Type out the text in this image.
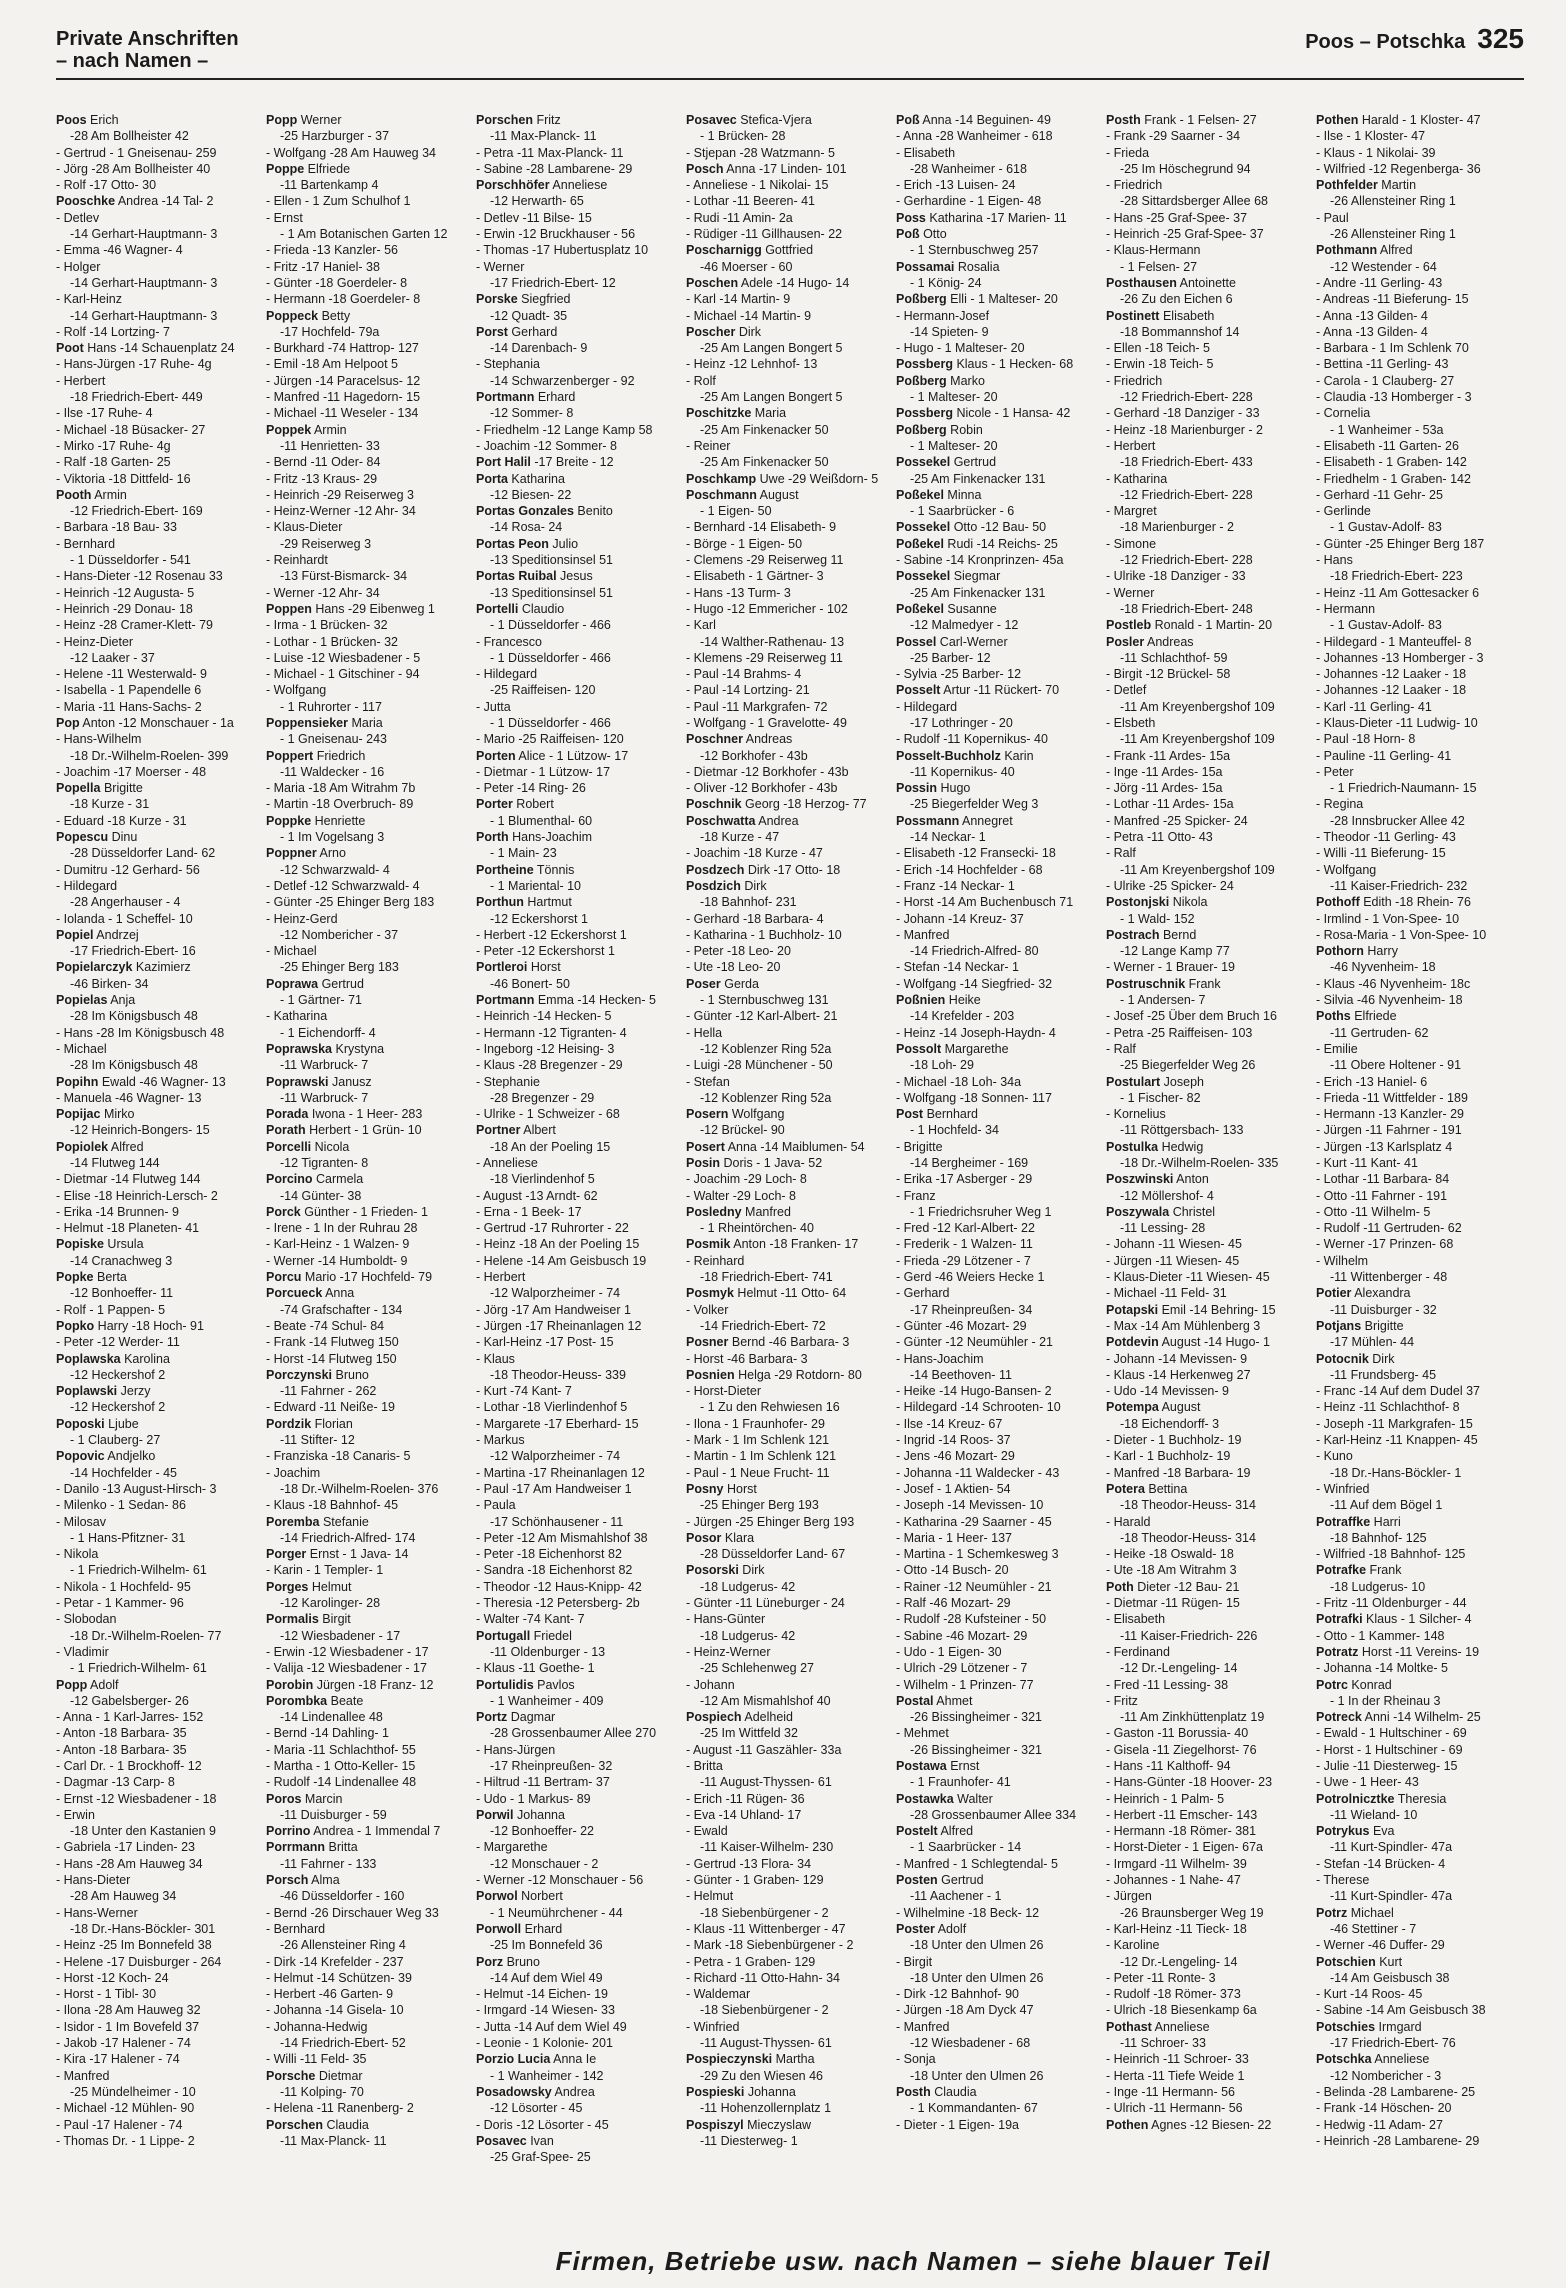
Private Anschriften
– nach Namen –
Poos – Potschka 325
Poos Erich
-28 Am Bollheister 42
- Gertrud - 1 Gneisenau- 259
- Jörg -28 Am Bollheister 40
- Rolf -17 Otto- 30
Pooschke Andrea -14 Tal- 2
- Detlev
-14 Gerhart-Hauptmann- 3
- Emma -46 Wagner- 4
- Holger
-14 Gerhart-Hauptmann- 3
- Karl-Heinz
-14 Gerhart-Hauptmann- 3
- Rolf -14 Lortzing- 7
Poot Hans -14 Schauenplatz 24
- Hans-Jürgen -17 Ruhe- 4g
- Herbert
-18 Friedrich-Ebert- 449
- Ilse -17 Ruhe- 4
- Michael -18 Büsacker- 27
- Mirko -17 Ruhe- 4g
- Ralf -18 Garten- 25
- Viktoria -18 Dittfeld- 16
Pooth Armin
-12 Friedrich-Ebert- 169
- Barbara -18 Bau- 33
- Bernhard
- 1 Düsseldorfer - 541
- Hans-Dieter -12 Rosenau 33
- Heinrich -12 Augusta- 5
- Heinrich -29 Donau- 18
- Heinz -28 Cramer-Klett- 79
- Heinz-Dieter
-12 Laaker - 37
- Helene -11 Westerwald- 9
- Isabella - 1 Papendelle 6
- Maria -11 Hans-Sachs- 2
Pop Anton -12 Monschauer - 1a
- Hans-Wilhelm
-18 Dr.-Wilhelm-Roelen- 399
- Joachim -17 Moerser - 48
Popella Brigitte
-18 Kurze - 31
- Eduard -18 Kurze - 31
Popescu Dinu
-28 Düsseldorfer Land- 62
- Dumitru -12 Gerhard- 56
- Hildegard
-28 Angerhauser - 4
- Iolanda - 1 Scheffel- 10
Popiel Andrzej
-17 Friedrich-Ebert- 16
Popielarczyk Kazimierz
-46 Birken- 34
Popielas Anja
-28 Im Königsbusch 48
- Hans -28 Im Königsbusch 48
- Michael
-28 Im Königsbusch 48
Popihn Ewald -46 Wagner- 13
- Manuela -46 Wagner- 13
Popijac Mirko
-12 Heinrich-Bongers- 15
Popiolek Alfred
-14 Flutweg 144
- Dietmar -14 Flutweg 144
- Elise -18 Heinrich-Lersch- 2
- Erika -14 Brunnen- 9
- Helmut -18 Planeten- 41
Popiske Ursula
-14 Cranachweg 3
Popke Berta
-12 Bonhoeffer- 11
- Rolf - 1 Pappen- 5
Popko Harry -18 Hoch- 91
- Peter -12 Werder- 11
Poplawska Karolina
-12 Heckershof 2
Poplawski Jerzy
-12 Heckershof 2
Poposki Ljube
- 1 Clauberg- 27
Popovic Andjelko
-14 Hochfelder - 45
- Danilo -13 August-Hirsch- 3
- Milenko - 1 Sedan- 86
- Milosav
- 1 Hans-Pfitzner- 31
- Nikola
- 1 Friedrich-Wilhelm- 61
- Nikola - 1 Hochfeld- 95
- Petar - 1 Kammer- 96
- Slobodan
-18 Dr.-Wilhelm-Roelen- 77
- Vladimir
- 1 Friedrich-Wilhelm- 61
Popp Adolf
-12 Gabelsberger- 26
- Anna - 1 Karl-Jarres- 152
- Anton -18 Barbara- 35
- Anton -18 Barbara- 35
- Carl Dr. - 1 Brockhoff- 12
- Dagmar -13 Carp- 8
- Ernst -12 Wiesbadener - 18
- Erwin
-18 Unter den Kastanien 9
- Gabriela -17 Linden- 23
- Hans -28 Am Hauweg 34
- Hans-Dieter
-28 Am Hauweg 34
- Hans-Werner
-18 Dr.-Hans-Böckler- 301
- Heinz -25 Im Bonnefeld 38
- Helene -17 Duisburger - 264
- Horst -12 Koch- 24
- Horst - 1 Tibl- 30
- Ilona -28 Am Hauweg 32
- Isidor - 1 Im Bovefeld 37
- Jakob -17 Halener - 74
- Kira -17 Halener - 74
- Manfred
-25 Mündelheimer - 10
- Michael -12 Mühlen- 90
- Paul -17 Halener - 74
- Thomas Dr. - 1 Lippe- 2
Popp Werner
-25 Harzburger - 37
- Wolfgang -28 Am Hauweg 34
Poppe Elfriede
-11 Bartenkamp 4
- Ellen - 1 Zum Schulhof 1
- Ernst
- 1 Am Botanischen Garten 12
- Frieda -13 Kanzler- 56
- Fritz -17 Haniel- 38
- Günter -18 Goerdeler- 8
- Hermann -18 Goerdeler- 8
Poppeck Betty
-17 Hochfeld- 79a
- Burkhard -74 Hattrop- 127
- Emil -18 Am Helpoot 5
- Jürgen -14 Paracelsus- 12
- Manfred -11 Hagedorn- 15
- Michael -11 Weseler - 134
Poppek Armin
-11 Henrietten- 33
- Bernd -11 Oder- 84
- Fritz -13 Kraus- 29
- Heinrich -29 Reiserweg 3
- Heinz-Werner -12 Ahr- 34
- Klaus-Dieter
-29 Reiserweg 3
- Reinhardt
-13 Fürst-Bismarck- 34
- Werner -12 Ahr- 34
Poppen Hans -29 Eibenweg 1
- Irma - 1 Brücken- 32
- Lothar - 1 Brücken- 32
- Luise -12 Wiesbadener - 5
- Michael - 1 Gitschiner - 94
- Wolfgang
- 1 Ruhrorter - 117
Poppensieker Maria
- 1 Gneisenau- 243
Poppert Friedrich
-11 Waldecker - 16
- Maria -18 Am Witrahm 7b
- Martin -18 Overbruch- 89
Poppke Henriette
- 1 Im Vogelsang 3
Poppner Arno
-12 Schwarzwald- 4
- Detlef -12 Schwarzwald- 4
- Günter -25 Ehinger Berg 183
- Heinz-Gerd
-12 Nombericher - 37
- Michael
-25 Ehinger Berg 183
Poprawa Gertrud
- 1 Gärtner- 71
- Katharina
- 1 Eichendorff- 4
Poprawska Krystyna
-11 Warbruck- 7
Poprawski Janusz
-11 Warbruck- 7
Porada Iwona - 1 Heer- 283
Porath Herbert - 1 Grün- 10
Porcelli Nicola
-12 Tigranten- 8
Porcino Carmela
-14 Günter- 38
Porck Günther - 1 Frieden- 1
- Irene - 1 In der Ruhrau 28
- Karl-Heinz - 1 Walzen- 9
- Werner -14 Humboldt- 9
Porcu Mario -17 Hochfeld- 79
Porcueck Anna
-74 Grafschafter - 134
- Beate -74 Schul- 84
- Frank -14 Flutweg 150
- Horst -14 Flutweg 150
Porczynski Bruno
-11 Fahrner - 262
- Edward -11 Neiße- 19
Pordzik Florian
-11 Stifter- 12
- Franziska -18 Canaris- 5
- Joachim
-18 Dr.-Wilhelm-Roelen- 376
- Klaus -18 Bahnhof- 45
Poremba Stefanie
-14 Friedrich-Alfred- 174
Porger Ernst - 1 Java- 14
- Karin - 1 Templer- 1
Porges Helmut
-12 Karolinger- 28
Pormalis Birgit
-12 Wiesbadener - 17
- Erwin -12 Wiesbadener - 17
- Valija -12 Wiesbadener - 17
Porobin Jürgen -18 Franz- 12
Porombka Beate
-14 Lindenallee 48
- Bernd -14 Dahling- 1
- Maria -11 Schlachthof- 55
- Martha - 1 Otto-Keller- 15
- Rudolf -14 Lindenallee 48
Poros Marcin
-11 Duisburger - 59
Porrino Andrea - 1 Immendal 7
Porrmann Britta
-11 Fahrner - 133
Porsch Alma
-46 Düsseldorfer - 160
- Bernd -26 Dirschauer Weg 33
- Bernhard
-26 Allensteiner Ring 4
- Dirk -14 Krefelder - 237
- Helmut -14 Schützen- 39
- Herbert -46 Garten- 9
- Johanna -14 Gisela- 10
- Johanna-Hedwig
-14 Friedrich-Ebert- 52
- Willi -11 Feld- 35
Porsche Dietmar
-11 Kolping- 70
- Helena -11 Ranenberg- 2
Porschen Claudia
-11 Max-Planck- 11
Porschen Fritz
-11 Max-Planck- 11
- Petra -11 Max-Planck- 11
- Sabine -28 Lambarene- 29
Porschhöfer Anneliese
-12 Herwarth- 65
- Detlev -11 Bilse- 15
- Erwin -12 Bruckhauser - 56
- Thomas -17 Hubertusplatz 10
- Werner
-17 Friedrich-Ebert- 12
Porske Siegfried
-12 Quadt- 35
Porst Gerhard
-14 Darenbach- 9
- Stephania
-14 Schwarzenberger - 92
Portmann Erhard
-12 Sommer- 8
- Friedhelm -12 Lange Kamp 58
- Joachim -12 Sommer- 8
Port Halil -17 Breite - 12
Porta Katharina
-12 Biesen- 22
Portas Gonzales Benito
-14 Rosa- 24
Portas Peon Julio
-13 Speditionsinsel 51
Portas Ruibal Jesus
-13 Speditionsinsel 51
Portelli Claudio
- 1 Düsseldorfer - 466
- Francesco
- 1 Düsseldorfer - 466
- Hildegard
-25 Raiffeisen- 120
- Jutta
- 1 Düsseldorfer - 466
- Mario -25 Raiffeisen- 120
Porten Alice - 1 Lützow- 17
- Dietmar - 1 Lützow- 17
- Peter -14 Ring- 26
Porter Robert
- 1 Blumenthal- 60
Porth Hans-Joachim
- 1 Main- 23
Portheine Tönnis
- 1 Mariental- 10
Porthun Hartmut
-12 Eckershorst 1
- Herbert -12 Eckershorst 1
- Peter -12 Eckershorst 1
Portleroi Horst
-46 Bonert- 50
Portmann Emma -14 Hecken- 5
- Heinrich -14 Hecken- 5
- Hermann -12 Tigranten- 4
- Ingeborg -12 Heising- 3
- Klaus -28 Bregenzer - 29
- Stephanie
-28 Bregenzer - 29
- Ulrike - 1 Schweizer - 68
Portner Albert
-18 An der Poeling 15
- Anneliese
-18 Vierlindenhof 5
- August -13 Arndt- 62
- Erna - 1 Beek- 17
- Gertrud -17 Ruhrorter - 22
- Heinz -18 An der Poeling 15
- Helene -14 Am Geisbusch 19
- Herbert
-12 Walporzheimer - 74
- Jörg -17 Am Handweiser 1
- Jürgen -17 Rheinanlagen 12
- Karl-Heinz -17 Post- 15
- Klaus
-18 Theodor-Heuss- 339
- Kurt -74 Kant- 7
- Lothar -18 Vierlindenhof 5
- Margarete -17 Eberhard- 15
- Markus
-12 Walporzheimer - 74
- Martina -17 Rheinanlagen 12
- Paul -17 Am Handweiser 1
- Paula
-17 Schönhausener - 11
- Peter -12 Am Mismahlshof 38
- Peter -18 Eichenhorst 82
- Sandra -18 Eichenhorst 82
- Theodor -12 Haus-Knipp- 42
- Theresia -12 Petersberg- 2b
- Walter -74 Kant- 7
Portugall Friedel
-11 Oldenburger - 13
- Klaus -11 Goethe- 1
Portulidis Pavlos
- 1 Wanheimer - 409
Portz Dagmar
-28 Grossenbaumer Allee 270
- Hans-Jürgen
-17 Rheinpreußen- 32
- Hiltrud -11 Bertram- 37
- Udo - 1 Markus- 89
Porwil Johanna
-12 Bonhoeffer- 22
- Margarethe
-12 Monschauer - 2
- Werner -12 Monschauer - 56
Porwol Norbert
- 1 Neumührchener - 44
Porwoll Erhard
-25 Im Bonnefeld 36
Porz Bruno
-14 Auf dem Wiel 49
- Helmut -14 Eichen- 19
- Irmgard -14 Wiesen- 33
- Jutta -14 Auf dem Wiel 49
- Leonie - 1 Kolonie- 201
Porzio Lucia Anna Ie
- 1 Wanheimer - 142
Posadowsky Andrea
-12 Lösorter - 45
- Doris -12 Lösorter - 45
Posavec Ivan
-25 Graf-Spee- 25
Posavec Stefica-Vjera
- 1 Brücken- 28
- Stjepan -28 Watzmann- 5
Posch Anna -17 Linden- 101
- Anneliese - 1 Nikolai- 15
- Lothar -11 Beeren- 41
- Rudi -11 Amin- 2a
- Rüdiger -11 Gillhausen- 22
Poscharnigg Gottfried
-46 Moerser - 60
Poschen Adele -14 Hugo- 14
- Karl -14 Martin- 9
- Michael -14 Martin- 9
Poscher Dirk
-25 Am Langen Bongert 5
- Heinz -12 Lehnhof- 13
- Rolf
-25 Am Langen Bongert 5
Poschitzke Maria
-25 Am Finkenacker 50
- Reiner
-25 Am Finkenacker 50
Poschkamp Uwe -29 Weißdorn- 5
Poschmann August
- 1 Eigen- 50
- Bernhard -14 Elisabeth- 9
- Börge - 1 Eigen- 50
- Clemens -29 Reiserweg 11
- Elisabeth - 1 Gärtner- 3
- Hans -13 Turm- 3
- Hugo -12 Emmericher - 102
- Karl
-14 Walther-Rathenau- 13
- Klemens -29 Reiserweg 11
- Paul -14 Brahms- 4
- Paul -14 Lortzing- 21
- Paul -11 Markgrafen- 72
- Wolfgang - 1 Gravelotte- 49
Poschner Andreas
-12 Borkhofer - 43b
- Dietmar -12 Borkhofer - 43b
- Oliver -12 Borkhofer - 43b
Poschnik Georg -18 Herzog- 77
Poschwatta Andrea
-18 Kurze - 47
- Joachim -18 Kurze - 47
Posdzech Dirk -17 Otto- 18
Posdzich Dirk
-18 Bahnhof- 231
- Gerhard -18 Barbara- 4
- Katharina - 1 Buchholz- 10
- Peter -18 Leo- 20
- Ute -18 Leo- 20
Poser Gerda
- 1 Sternbuschweg 131
- Günter -12 Karl-Albert- 21
- Hella
-12 Koblenzer Ring 52a
- Luigi -28 Münchener - 50
- Stefan
-12 Koblenzer Ring 52a
Posern Wolfgang
-12 Brückel- 90
Posert Anna -14 Maiblumen- 54
Posin Doris - 1 Java- 52
- Joachim -29 Loch- 8
- Walter -29 Loch- 8
Posledny Manfred
- 1 Rheintörchen- 40
Posmik Anton -18 Franken- 17
- Reinhard
-18 Friedrich-Ebert- 741
Posmyk Helmut -11 Otto- 64
- Volker
-14 Friedrich-Ebert- 72
Posner Bernd -46 Barbara- 3
- Horst -46 Barbara- 3
Posnien Helga -29 Rotdorn- 80
- Horst-Dieter
- 1 Zu den Rehwiesen 16
- Ilona - 1 Fraunhofer- 29
- Mark - 1 Im Schlenk 121
- Martin - 1 Im Schlenk 121
- Paul - 1 Neue Frucht- 11
Posny Horst
-25 Ehinger Berg 193
- Jürgen -25 Ehinger Berg 193
Posor Klara
-28 Düsseldorfer Land- 67
Posorski Dirk
-18 Ludgerus- 42
- Günter -11 Lüneburger - 24
- Hans-Günter
-18 Ludgerus- 42
- Heinz-Werner
-25 Schlehenweg 27
- Johann
-12 Am Mismahlshof 40
Pospiech Adelheid
-25 Im Wittfeld 32
- August -11 Gaszähler- 33a
- Britta
-11 August-Thyssen- 61
- Erich -11 Rügen- 36
- Eva -14 Uhland- 17
- Ewald
-11 Kaiser-Wilhelm- 230
- Gertrud -13 Flora- 34
- Günter - 1 Graben- 129
- Helmut
-18 Siebenbürgener - 2
- Klaus -11 Wittenberger - 47
- Mark -18 Siebenbürgener - 2
- Petra - 1 Graben- 129
- Richard -11 Otto-Hahn- 34
- Waldemar
-18 Siebenbürgener - 2
- Winfried
-11 August-Thyssen- 61
Pospieczynski Martha
-29 Zu den Wiesen 46
Pospieski Johanna
-11 Hohenzollernplatz 1
Pospiszyl Mieczyslaw
-11 Diesterweg- 1
Poß Anna -14 Beguinen- 49
- Anna -28 Wanheimer - 618
- Elisabeth
-28 Wanheimer - 618
- Erich -13 Luisen- 24
- Gerhardine - 1 Eigen- 48
Poss Katharina -17 Marien- 11
Poß Otto
- 1 Sternbuschweg 257
Possamai Rosalia
- 1 König- 24
Poßberg Elli - 1 Malteser- 20
- Hermann-Josef
-14 Spieten- 9
- Hugo - 1 Malteser- 20
Possberg Klaus - 1 Hecken- 68
Poßberg Marko
- 1 Malteser- 20
Possberg Nicole - 1 Hansa- 42
Poßberg Robin
- 1 Malteser- 20
Possekel Gertrud
-25 Am Finkenacker 131
Poßekel Minna
- 1 Saarbrücker - 6
Possekel Otto -12 Bau- 50
Poßekel Rudi -14 Reichs- 25
- Sabine -14 Kronprinzen- 45a
Possekel Siegmar
-25 Am Finkenacker 131
Poßekel Susanne
-12 Malmedyer - 12
Possel Carl-Werner
-25 Barber- 12
- Sylvia -25 Barber- 12
Posselt Artur -11 Rückert- 70
- Hildegard
-17 Lothringer - 20
- Rudolf -11 Kopernikus- 40
Posselt-Buchholz Karin
-11 Kopernikus- 40
Possin Hugo
-25 Biegerfelder Weg 3
Possmann Annegret
-14 Neckar- 1
- Elisabeth -12 Fransecki- 18
- Erich -14 Hochfelder - 68
- Franz -14 Neckar- 1
- Horst -14 Am Buchenbusch 71
- Johann -14 Kreuz- 37
- Manfred
-14 Friedrich-Alfred- 80
- Stefan -14 Neckar- 1
- Wolfgang -14 Siegfried- 32
Poßnien Heike
-14 Krefelder - 203
- Heinz -14 Joseph-Haydn- 4
Possolt Margarethe
-18 Loh- 29
- Michael -18 Loh- 34a
- Wolfgang -18 Sonnen- 117
Post Bernhard
- 1 Hochfeld- 34
- Brigitte
-14 Bergheimer - 169
- Erika -17 Asberger - 29
- Franz
- 1 Friedrichsruher Weg 1
- Fred -12 Karl-Albert- 22
- Frederik - 1 Walzen- 11
- Frieda -29 Lötzener - 7
- Gerd -46 Weiers Hecke 1
- Gerhard
-17 Rheinpreußen- 34
- Günter -46 Mozart- 29
- Günter -12 Neumühler - 21
- Hans-Joachim
-14 Beethoven- 11
- Heike -14 Hugo-Bansen- 2
- Hildegard -14 Schrooten- 10
- Ilse -14 Kreuz- 67
- Ingrid -14 Roos- 37
- Jens -46 Mozart- 29
- Johanna -11 Waldecker - 43
- Josef - 1 Aktien- 54
- Joseph -14 Mevissen- 10
- Katharina -29 Saarner - 45
- Maria - 1 Heer- 137
- Martina - 1 Schemkesweg 3
- Otto -14 Busch- 20
- Rainer -12 Neumühler - 21
- Ralf -46 Mozart- 29
- Rudolf -28 Kufsteiner - 50
- Sabine -46 Mozart- 29
- Udo - 1 Eigen- 30
- Ulrich -29 Lötzener - 7
- Wilhelm - 1 Prinzen- 77
Postal Ahmet
-26 Bissingheimer - 321
- Mehmet
-26 Bissingheimer - 321
Postawa Ernst
- 1 Fraunhofer- 41
Postawka Walter
-28 Grossenbaumer Allee 334
Postelt Alfred
- 1 Saarbrücker - 14
- Manfred - 1 Schlegtendal- 5
Posten Gertrud
-11 Aachener - 1
- Wilhelmine -18 Beck- 12
Poster Adolf
-18 Unter den Ulmen 26
- Birgit
-18 Unter den Ulmen 26
- Dirk -12 Bahnhof- 90
- Jürgen -18 Am Dyck 47
- Manfred
-12 Wiesbadener - 68
- Sonja
-18 Unter den Ulmen 26
Posth Claudia
- 1 Kommandanten- 67
- Dieter - 1 Eigen- 19a
Posth Frank - 1 Felsen- 27
- Frank -29 Saarner - 34
- Frieda
-25 Im Höschegrund 94
- Friedrich
-28 Sittardsberger Allee 68
- Hans -25 Graf-Spee- 37
- Heinrich -25 Graf-Spee- 37
- Klaus-Hermann
- 1 Felsen- 27
Posthausen Antoinette
-26 Zu den Eichen 6
Postinett Elisabeth
-18 Bommannshof 14
- Ellen -18 Teich- 5
- Erwin -18 Teich- 5
- Friedrich
-12 Friedrich-Ebert- 228
- Gerhard -18 Danziger - 33
- Heinz -18 Marienburger - 2
- Herbert
-18 Friedrich-Ebert- 433
- Katharina
-12 Friedrich-Ebert- 228
- Margret
-18 Marienburger - 2
- Simone
-12 Friedrich-Ebert- 228
- Ulrike -18 Danziger - 33
- Werner
-18 Friedrich-Ebert- 248
Postleb Ronald - 1 Martin- 20
Posler Andreas
-11 Schlachthof- 59
- Birgit -12 Brückel- 58
- Detlef
-11 Am Kreyenbergshof 109
- Elsbeth
-11 Am Kreyenbergshof 109
- Frank -11 Ardes- 15a
- Inge -11 Ardes- 15a
- Jörg -11 Ardes- 15a
- Lothar -11 Ardes- 15a
- Manfred -25 Spicker- 24
- Petra -11 Otto- 43
- Ralf
-11 Am Kreyenbergshof 109
- Ulrike -25 Spicker- 24
Postonjski Nikola
- 1 Wald- 152
Postrach Bernd
-12 Lange Kamp 77
- Werner - 1 Brauer- 19
Postruschnik Frank
- 1 Andersen- 7
- Josef -25 Über dem Bruch 16
- Petra -25 Raiffeisen- 103
- Ralf
-25 Biegerfelder Weg 26
Postulart Joseph
- 1 Fischer- 82
- Kornelius
-11 Röttgersbach- 133
Postulka Hedwig
-18 Dr.-Wilhelm-Roelen- 335
Poszwinski Anton
-12 Möllershof- 4
Poszywala Christel
-11 Lessing- 28
- Johann -11 Wiesen- 45
- Jürgen -11 Wiesen- 45
- Klaus-Dieter -11 Wiesen- 45
- Michael -11 Feld- 31
Potapski Emil -14 Behring- 15
- Max -14 Am Mühlenberg 3
Potdevin August -14 Hugo- 1
- Johann -14 Mevissen- 9
- Klaus -14 Herkenweg 27
- Udo -14 Mevissen- 9
Potempa August
-18 Eichendorff- 3
- Dieter - 1 Buchholz- 19
- Karl - 1 Buchholz- 19
- Manfred -18 Barbara- 19
Potera Bettina
-18 Theodor-Heuss- 314
- Harald
-18 Theodor-Heuss- 314
- Heike -18 Oswald- 18
- Ute -18 Am Witrahm 3
Poth Dieter -12 Bau- 21
- Dietmar -11 Rügen- 15
- Elisabeth
-11 Kaiser-Friedrich- 226
- Ferdinand
-12 Dr.-Lengeling- 14
- Fred -11 Lessing- 38
- Fritz
-11 Am Zinkhüttenplatz 19
- Gaston -11 Borussia- 40
- Gisela -11 Ziegelhorst- 76
- Hans -11 Kalthoff- 94
- Hans-Günter -18 Hoover- 23
- Heinrich - 1 Palm- 5
- Herbert -11 Emscher- 143
- Hermann -18 Römer- 381
- Horst-Dieter - 1 Eigen- 67a
- Irmgard -11 Wilhelm- 39
- Johannes - 1 Nahe- 47
- Jürgen
-26 Braunsberger Weg 19
- Karl-Heinz -11 Tieck- 18
- Karoline
-12 Dr.-Lengeling- 14
- Peter -11 Ronte- 3
- Rudolf -18 Römer- 373
- Ulrich -18 Biesenkamp 6a
Pothast Anneliese
-11 Schroer- 33
- Heinrich -11 Schroer- 33
- Herta -11 Tiefe Weide 1
- Inge -11 Hermann- 56
- Ulrich -11 Hermann- 56
Pothen Agnes -12 Biesen- 22
Pothen Harald - 1 Kloster- 47
- Ilse - 1 Kloster- 47
- Klaus - 1 Nikolai- 39
- Wilfried -12 Regenberga- 36
Pothfelder Martin
-26 Allensteiner Ring 1
- Paul
-26 Allensteiner Ring 1
Pothmann Alfred
-12 Westender - 64
- Andre -11 Gerling- 43
- Andreas -11 Bieferung- 15
- Anna -13 Gilden- 4
- Anna -13 Gilden- 4
- Barbara - 1 Im Schlenk 70
- Bettina -11 Gerling- 43
- Carola - 1 Clauberg- 27
- Claudia -13 Homberger - 3
- Cornelia
- 1 Wanheimer - 53a
- Elisabeth -11 Garten- 26
- Elisabeth - 1 Graben- 142
- Friedhelm - 1 Graben- 142
- Gerhard -11 Gehr- 25
- Gerlinde
- 1 Gustav-Adolf- 83
- Günter -25 Ehinger Berg 187
- Hans
-18 Friedrich-Ebert- 223
- Heinz -11 Am Gottesacker 6
- Hermann
- 1 Gustav-Adolf- 83
- Hildegard - 1 Manteuffel- 8
- Johannes -13 Homberger - 3
- Johannes -12 Laaker - 18
- Johannes -12 Laaker - 18
- Karl -11 Gerling- 41
- Klaus-Dieter -11 Ludwig- 10
- Paul -18 Horn- 8
- Pauline -11 Gerling- 41
- Peter
- 1 Friedrich-Naumann- 15
- Regina
-28 Innsbrucker Allee 42
- Theodor -11 Gerling- 43
- Willi -11 Bieferung- 15
- Wolfgang
-11 Kaiser-Friedrich- 232
Pothoff Edith -18 Rhein- 76
- Irmlind - 1 Von-Spee- 10
- Rosa-Maria - 1 Von-Spee- 10
Pothorn Harry
-46 Nyvenheim- 18
- Klaus -46 Nyvenheim- 18c
- Silvia -46 Nyvenheim- 18
Poths Elfriede
-11 Gertruden- 62
- Emilie
-11 Obere Holtener - 91
- Erich -13 Haniel- 6
- Frieda -11 Wittfelder - 189
- Hermann -13 Kanzler- 29
- Jürgen -11 Fahrner - 191
- Jürgen -13 Karlsplatz 4
- Kurt -11 Kant- 41
- Lothar -11 Barbara- 84
- Otto -11 Fahrner - 191
- Otto -11 Wilhelm- 5
- Rudolf -11 Gertruden- 62
- Werner -17 Prinzen- 68
- Wilhelm
-11 Wittenberger - 48
Potier Alexandra
-11 Duisburger - 32
Potjans Brigitte
-17 Mühlen- 44
Potocnik Dirk
-11 Frundsberg- 45
- Franc -14 Auf dem Dudel 37
- Heinz -11 Schlachthof- 8
- Joseph -11 Markgrafen- 15
- Karl-Heinz -11 Knappen- 45
- Kuno
-18 Dr.-Hans-Böckler- 1
- Winfried
-11 Auf dem Bögel 1
Potraffke Harri
-18 Bahnhof- 125
- Wilfried -18 Bahnhof- 125
Potrafke Frank
-18 Ludgerus- 10
- Fritz -11 Oldenburger - 44
Potrafki Klaus - 1 Silcher- 4
- Otto - 1 Kammer- 148
Potratz Horst -11 Vereins- 19
- Johanna -14 Moltke- 5
Potrc Konrad
- 1 In der Rheinau 3
Potreck Anni -14 Wilhelm- 25
- Ewald - 1 Hultschiner - 69
- Horst - 1 Hultschiner - 69
- Julie -11 Diesterweg- 15
- Uwe - 1 Heer- 43
Potrolnicztke Theresia
-11 Wieland- 10
Potrykus Eva
-11 Kurt-Spindler- 47a
- Stefan -14 Brücken- 4
- Therese
-11 Kurt-Spindler- 47a
Potrz Michael
-46 Stettiner - 7
- Werner -46 Duffer- 29
Potschien Kurt
-14 Am Geisbusch 38
- Kurt -14 Roos- 45
- Sabine -14 Am Geisbusch 38
Potschies Irmgard
-17 Friedrich-Ebert- 76
Potschka Anneliese
-12 Nombericher - 3
- Belinda -28 Lambarene- 25
- Frank -14 Höschen- 20
- Hedwig -11 Adam- 27
- Heinrich -28 Lambarene- 29
Firmen, Betriebe usw. nach Namen – siehe blauer Teil
